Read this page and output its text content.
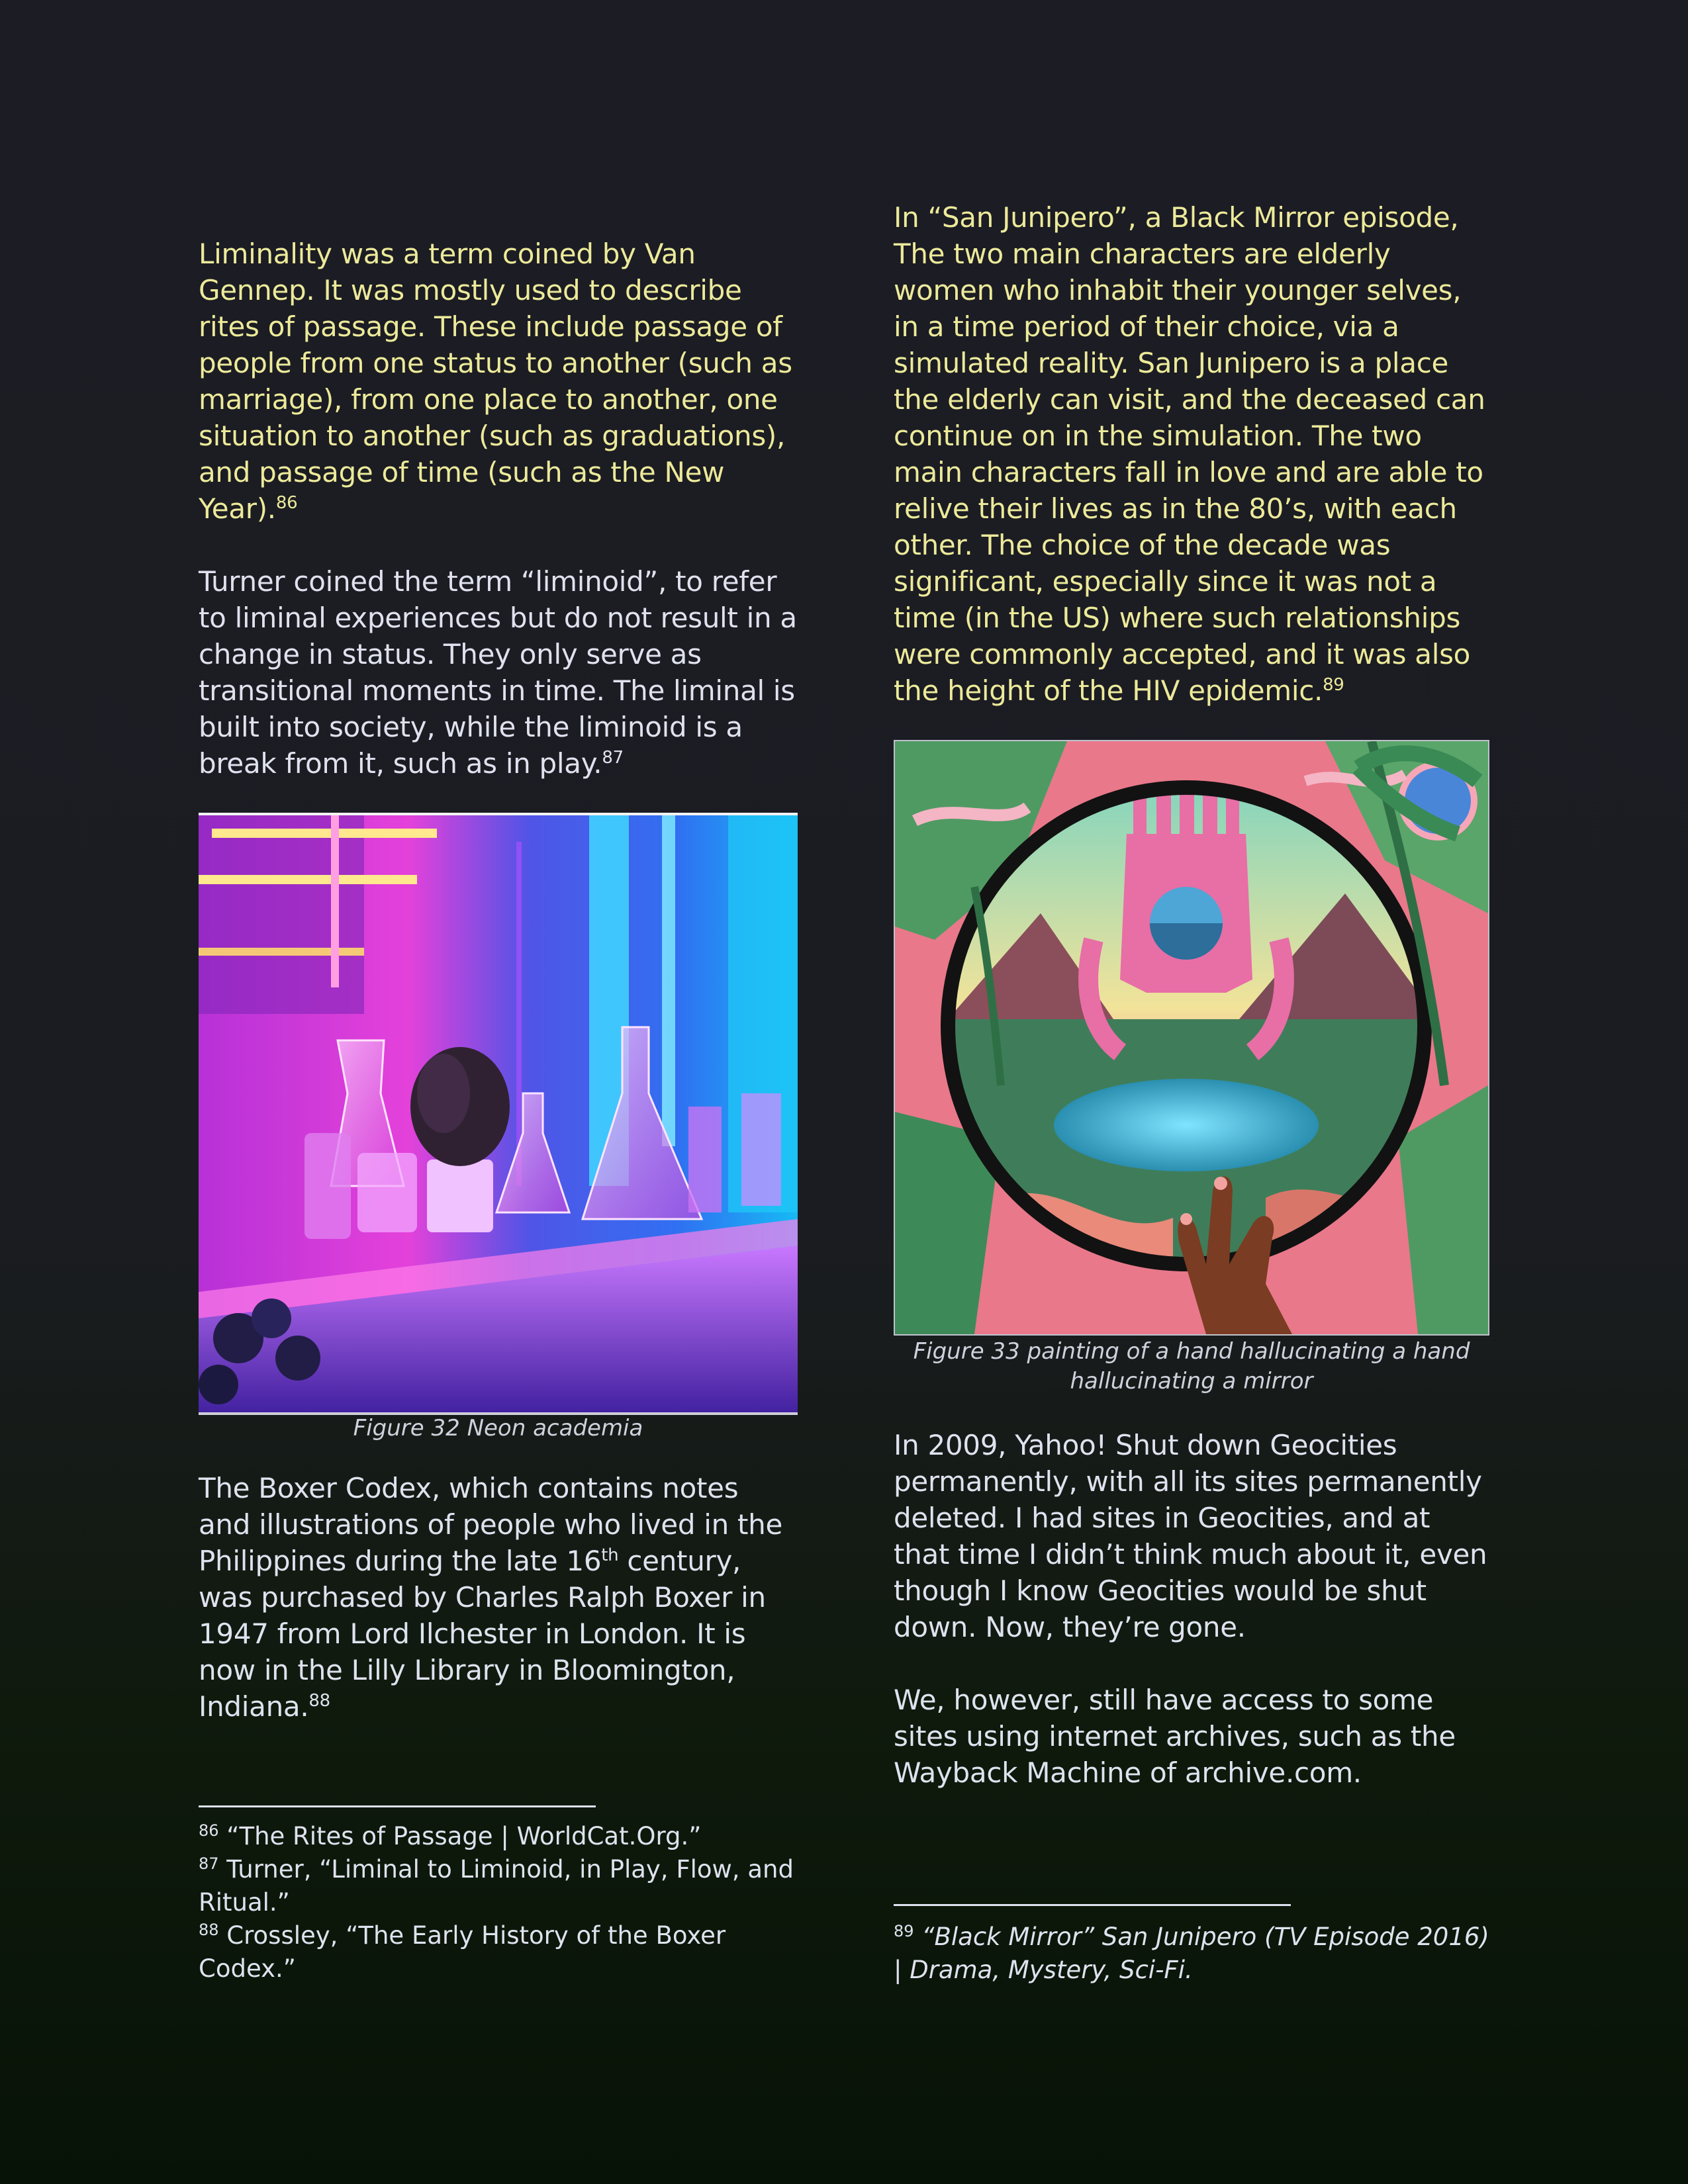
Liminality was a term coined by Van Gennep. It was mostly used to describe rites of passage. These include passage of people from one status to another (such as marriage), from one place to another, one situation to another (such as graduations), and passage of time (such as the New Year).$^{86}$

Turner coined the term “liminoid”, to refer to liminal experiences but do not result in a change in status. They only serve as transitional moments in time. The liminal is built into society, while the liminoid is a break from it, such as in play.$^{87}$

Figure 32 Neon academia

The Boxer Codex, which contains notes and illustrations of people who lived in the Philippines during the late 16th century, was purchased by Charles Ralph Boxer in 1947 from Lord Ilchester in London. It is now in the Lilly Library in Bloomington, Indiana.$^{88}$

$^{86}$ “The Rites of Passage | WorldCat.Org.”

$^{87}$ Turner, “Liminal to Liminoid, in Play, Flow, and Ritual.”

$^{88}$ Crossley, “The Early History of the Boxer Codex.”

In “San Junipero”, a Black Mirror episode, The two main characters are elderly women who inhabit their younger selves, in a time period of their choice, via a simulated reality. San Junipero is a place the elderly can visit, and the deceased can continue on in the simulation. The two main characters fall in love and are able to relive their lives as in the 80’s, with each other. The choice of the decade was significant, especially since it was not a time (in the US) where such relationships were commonly accepted, and it was also the height of the HIV epidemic.$^{89}$

Figure 33 painting of a hand hallucinating a hand hallucinating a mirror

In 2009, Yahoo! Shut down Geocities permanently, with all its sites permanently deleted. I had sites in Geocities, and at that time I didn’t think much about it, even though I know Geocities would be shut down. Now, they’re gone.

We, however, still have access to some sites using internet archives, such as the Wayback Machine of archive.com.

$^{89}$ “Black Mirror” San Junipero (TV Episode 2016) | Drama, Mystery, Sci-Fi.
